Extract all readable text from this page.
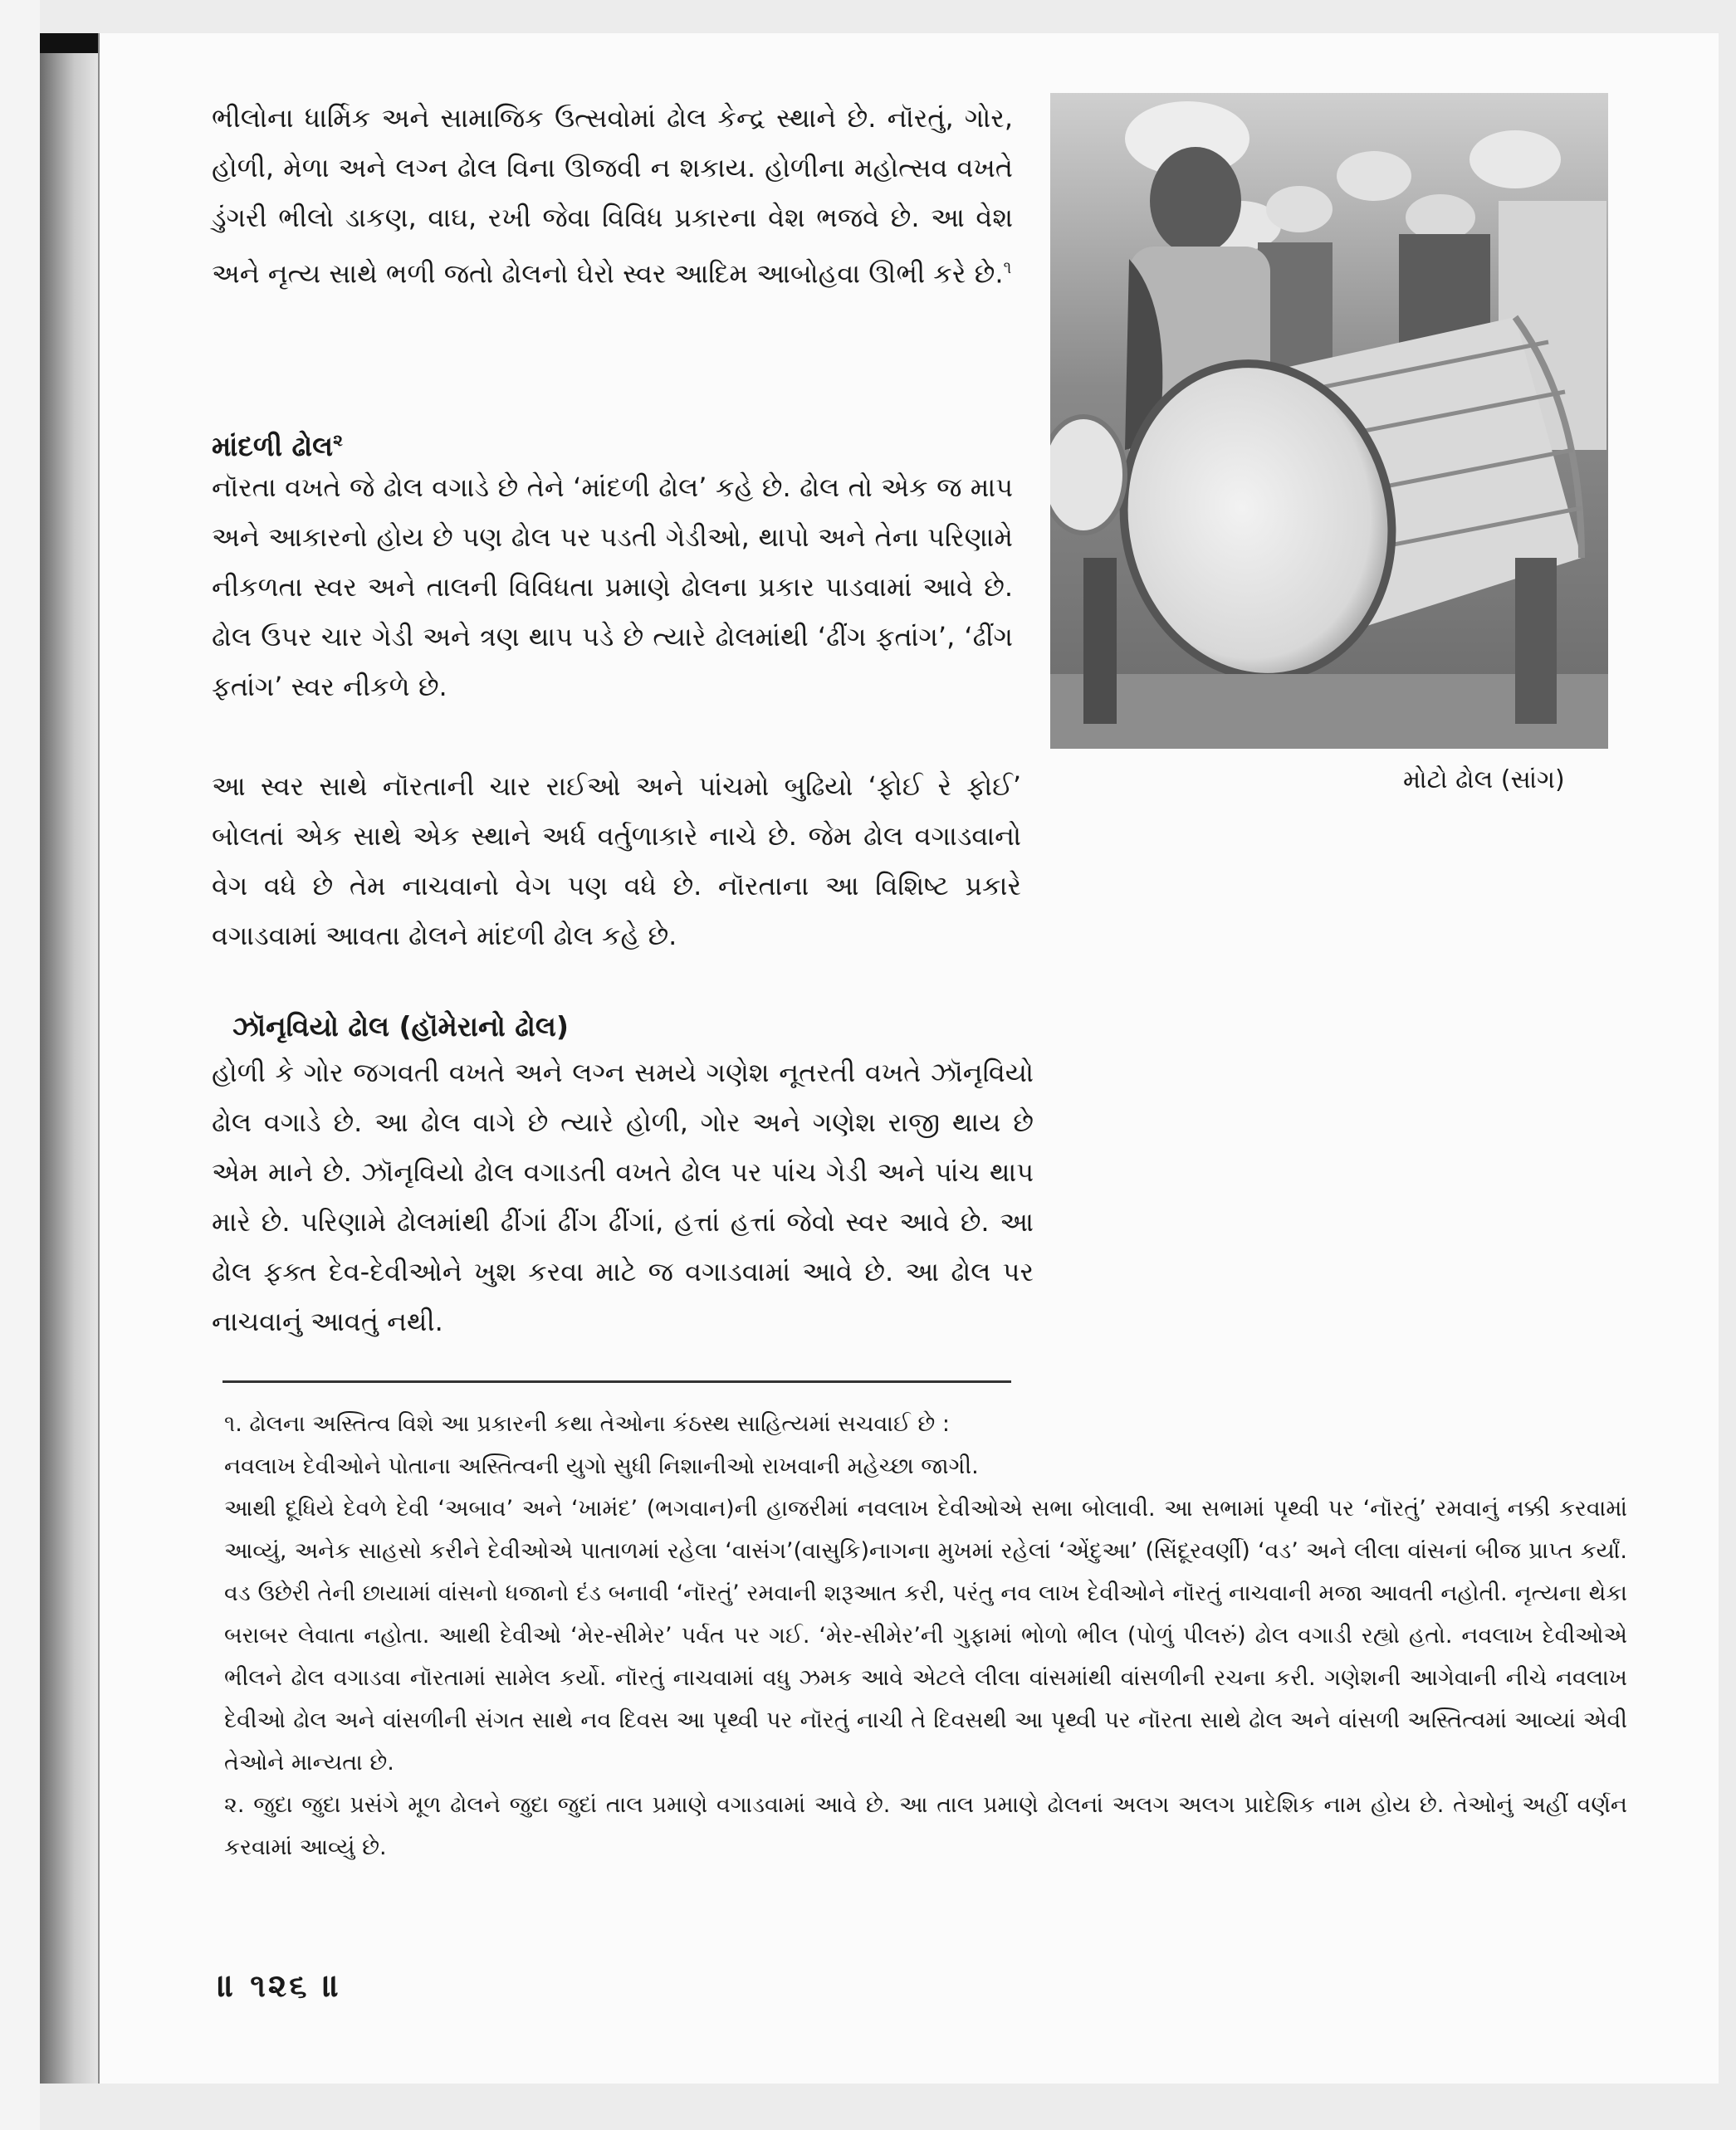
ભીલોના ધાર્મિક અને સામાજિક ઉત્સવોમાં ઢોલ કેન્દ્ર સ્થાને છે. નૉરતું, ગોર, હોળી, મેળા અને લગ્ન ઢોલ વિના ઊજવી ન શકાય. હોળીના મહોત્સવ વખતે ડુંગરી ભીલો ડાકણ, વાઘ, રખી જેવા વિવિધ પ્રકારના વેશ ભજવે છે. આ વેશ અને નૃત્ય સાથે ભળી જતો ઢોલનો ઘેરો સ્વર આદિમ આબોહવા ઊભી કરે છે.$^૧$

માંદળી ઢોલ$^૨$

નૉરતા વખતે જે ઢોલ વગાડે છે તેને ‘માંદળી ઢોલ’ કહે છે. ઢોલ તો એક જ માપ અને આકારનો હોય છે પણ ઢોલ પર પડતી ગેડીઓ, થાપો અને તેના પરિણામે નીકળતા સ્વર અને તાલની વિવિધતા પ્રમાણે ઢોલના પ્રકાર પાડવામાં આવે છે. ઢોલ ઉપર ચાર ગેડી અને ત્રણ થાપ પડે છે ત્યારે ઢોલમાંથી ‘ઢીંગ ફતાંગ’, ‘ઢીંગ ફતાંગ’ સ્વર નીકળે છે.

આ સ્વર સાથે નૉરતાની ચાર રાઈઓ અને પાંચમો બુઢિયો ‘ફોઈ રે ફોઈ’ બોલતાં એક સાથે એક સ્થાને અર્ધ વર્તુળાકારે નાચે છે. જેમ ઢોલ વગાડવાનો વેગ વધે છે તેમ નાચવાનો વેગ પણ વધે છે. નૉરતાના આ વિશિષ્ટ પ્રકારે વગાડવામાં આવતા ઢોલને માંદળી ઢોલ કહે છે.

ઝૉનૃવિયો ઢોલ (હૉમેરાનો ઢોલ)

હોળી કે ગોર જગવતી વખતે અને લગ્ન સમયે ગણેશ નૂતરતી વખતે ઝૉનૃવિયો ઢોલ વગાડે છે. આ ઢોલ વાગે છે ત્યારે હોળી, ગોર અને ગણેશ રાજી થાય છે એમ માને છે. ઝૉનૃવિયો ઢોલ વગાડતી વખતે ઢોલ પર પાંચ ગેડી અને પાંચ થાપ મારે છે. પરિણામે ઢોલમાંથી ઢીંગાં ઢીંગ ઢીંગાં, હત્તાં હત્તાં જેવો સ્વર આવે છે. આ ઢોલ ફક્ત દેવ-દેવીઓને ખુશ કરવા માટે જ વગાડવામાં આવે છે. આ ઢોલ પર નાચવાનું આવતું નથી.

મોટો ઢોલ (સાંગ)

૧. ઢોલના અસ્તિત્વ વિશે આ પ્રકારની કથા તેઓના કંઠસ્થ સાહિત્યમાં સચવાઈ છે :

નવલાખ દેવીઓને પોતાના અસ્તિત્વની યુગો સુધી નિશાનીઓ રાખવાની મહેચ્છા જાગી.

આથી દૂધિયે દેવળે દેવી ‘અબાવ’ અને ‘ખામંદ’ (ભગવાન)ની હાજરીમાં નવલાખ દેવીઓએ સભા બોલાવી. આ સભામાં પૃથ્વી પર ‘નૉરતું’ રમવાનું નક્કી કરવામાં આવ્યું, અનેક સાહસો કરીને દેવીઓએ પાતાળમાં રહેલા ‘વાસંગ’(વાસુકિ)નાગના મુખમાં રહેલાં ‘એંદુઆ’ (સિંદૂરવર્ણી) ‘વડ’ અને લીલા વાંસનાં બીજ પ્રાપ્ત કર્યાં. વડ ઉછેરી તેની છાયામાં વાંસનો ધજાનો દંડ બનાવી ‘નૉરતું’ રમવાની શરૂઆત કરી, પરંતુ નવ લાખ દેવીઓને નૉરતું નાચવાની મજા આવતી નહોતી. નૃત્યના થેકા બરાબર લેવાતા નહોતા. આથી દેવીઓ ‘મેર-સીમેર’ પર્વત પર ગઈ. ‘મેર-સીમેર’ની ગુફામાં ભોળો ભીલ (પોળું પીલરું) ઢોલ વગાડી રહ્યો હતો. નવલાખ દેવીઓએ ભીલને ઢોલ વગાડવા નૉરતામાં સામેલ કર્યો. નૉરતું નાચવામાં વધુ ઝમક આવે એટલે લીલા વાંસમાંથી વાંસળીની રચના કરી. ગણેશની આગેવાની નીચે નવલાખ દેવીઓ ઢોલ અને વાંસળીની સંગત સાથે નવ દિવસ આ પૃથ્વી પર નૉરતું નાચી તે દિવસથી આ પૃથ્વી પર નૉરતા સાથે ઢોલ અને વાંસળી અસ્તિત્વમાં આવ્યાં એવી તેઓને માન્યતા છે.

૨. જુદા જુદા પ્રસંગે મૂળ ઢોલને જુદા જુદાં તાલ પ્રમાણે વગાડવામાં આવે છે. આ તાલ પ્રમાણે ઢોલનાં અલગ અલગ પ્રાદેશિક નામ હોય છે. તેઓનું અહીં વર્ણન કરવામાં આવ્યું છે.

॥ ૧૨૬ ॥
